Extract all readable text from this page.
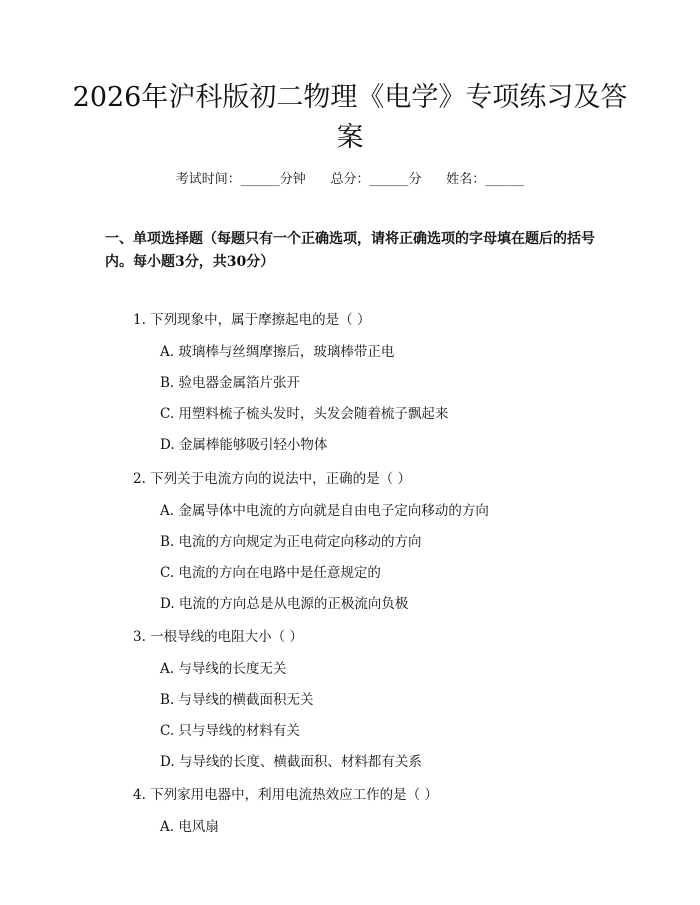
2026年沪科版初二物理《电学》专项练习及答案
考试时间：______分钟      总分：______分      姓名：______
一、单项选择题（每题只有一个正确选项，请将正确选项的字母填在题后的括号内。每小题3分，共30分）
1. 下列现象中，属于摩擦起电的是（ ）
A. 玻璃棒与丝绸摩擦后，玻璃棒带正电
B. 验电器金属箔片张开
C. 用塑料梳子梳头发时，头发会随着梳子飘起来
D. 金属棒能够吸引轻小物体
2. 下列关于电流方向的说法中，正确的是（ ）
A. 金属导体中电流的方向就是自由电子定向移动的方向
B. 电流的方向规定为正电荷定向移动的方向
C. 电流的方向在电路中是任意规定的
D. 电流的方向总是从电源的正极流向负极
3. 一根导线的电阻大小（ ）
A. 与导线的长度无关
B. 与导线的横截面积无关
C. 只与导线的材料有关
D. 与导线的长度、横截面积、材料都有关系
4. 下列家用电器中，利用电流热效应工作的是（ ）
A. 电风扇
